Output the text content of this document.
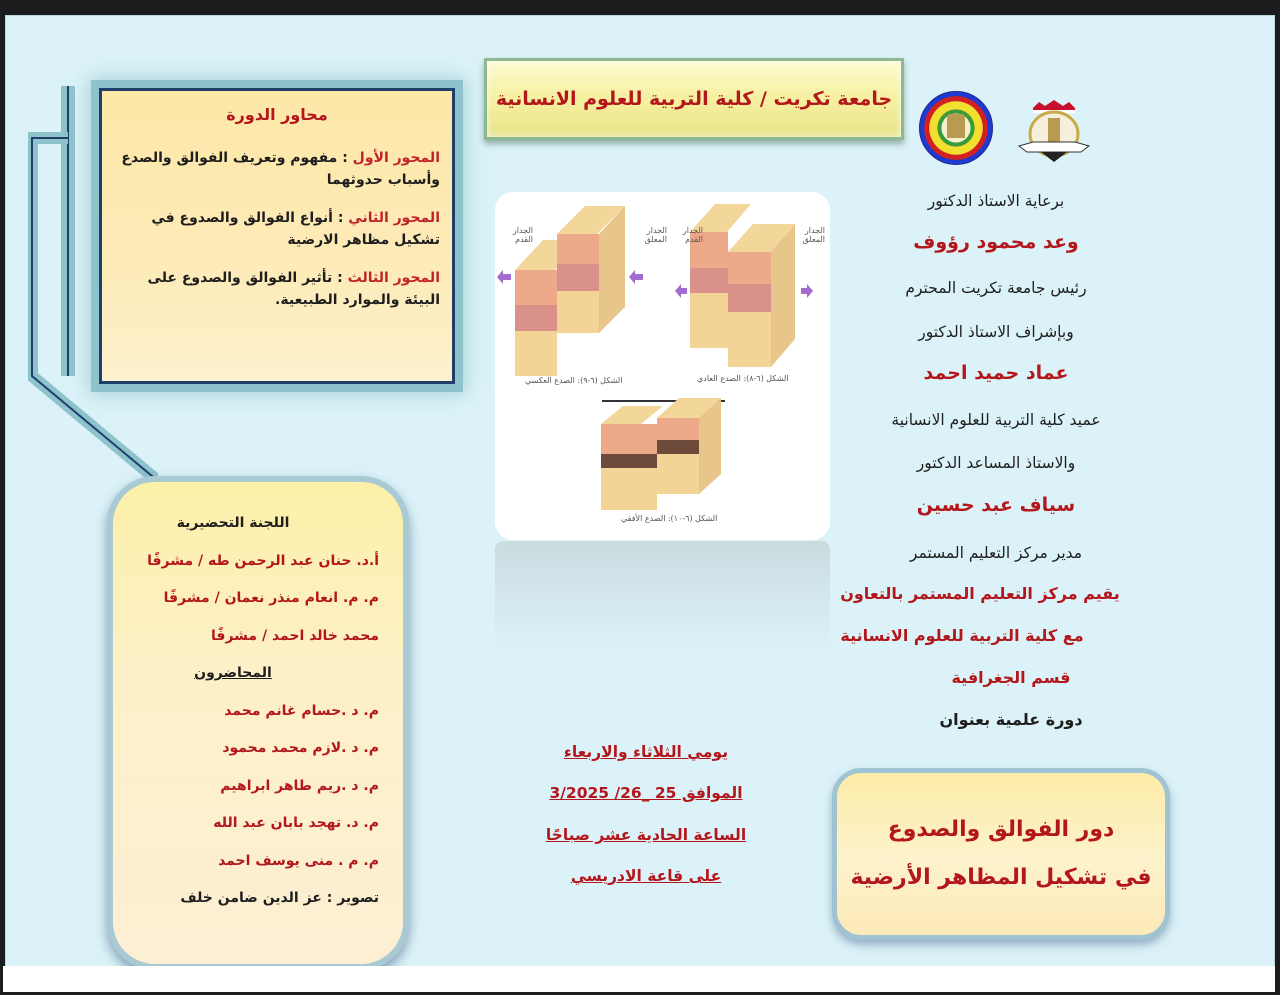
جامعة تكريت / كلية التربية للعلوم الانسانية
محاور الدورة
المحور الأول : مفهوم وتعريف الفوالق والصدع وأسباب حدوثهما
المحور الثاني : أنواع الفوالق والصدوع في تشكيل مظاهر الارضية
المحور الثالث : تأثير الفوالق والصدوع على البيئة والموارد الطبيعية.
اللجنة التحضيرية
أ.د. حنان عبد الرحمن طه / مشرفًا
م. م. انعام منذر نعمان / مشرفًا
محمد خالد احمد / مشرفًا
المحاضرون
م. د .حسام غانم محمد
م. د .لازم محمد محمود
م. د .ريم طاهر ابراهيم
م. د. تهجد بابان عبد الله
م. م . منى يوسف احمد
تصوير : عز الدين ضامن خلف
الجدار القدم
الجدار المعلق
الجدار القدم
الجدار المعلق
الشكل (٦-٩): الصدع العكسي	الشكل (٦-٨): الصدع العادي
الشكل (٦-١٠): الصدع الأفقي
برعاية الاستاذ الدكتور
وعد محمود رؤوف
رئيس جامعة تكريت المحترم
وبإشراف الاستاذ الدكتور
عماد حميد احمد
عميد كلية التربية للعلوم الانسانية
والاستاذ المساعد الدكتور
سياف عبد حسين
مدير مركز التعليم المستمر
يقيم مركز التعليم المستمر بالتعاون
مع كلية التربية للعلوم الانسانية
قسم الجغرافية
دورة علمية بعنوان
يومي الثلاثاء والاربعاء
الموافق 25 _26/ 3/2025
الساعة الحادية عشر صباحًا
على قاعة الادريسي
دور الفوالق والصدوع
في تشكيل المظاهر الأرضية
